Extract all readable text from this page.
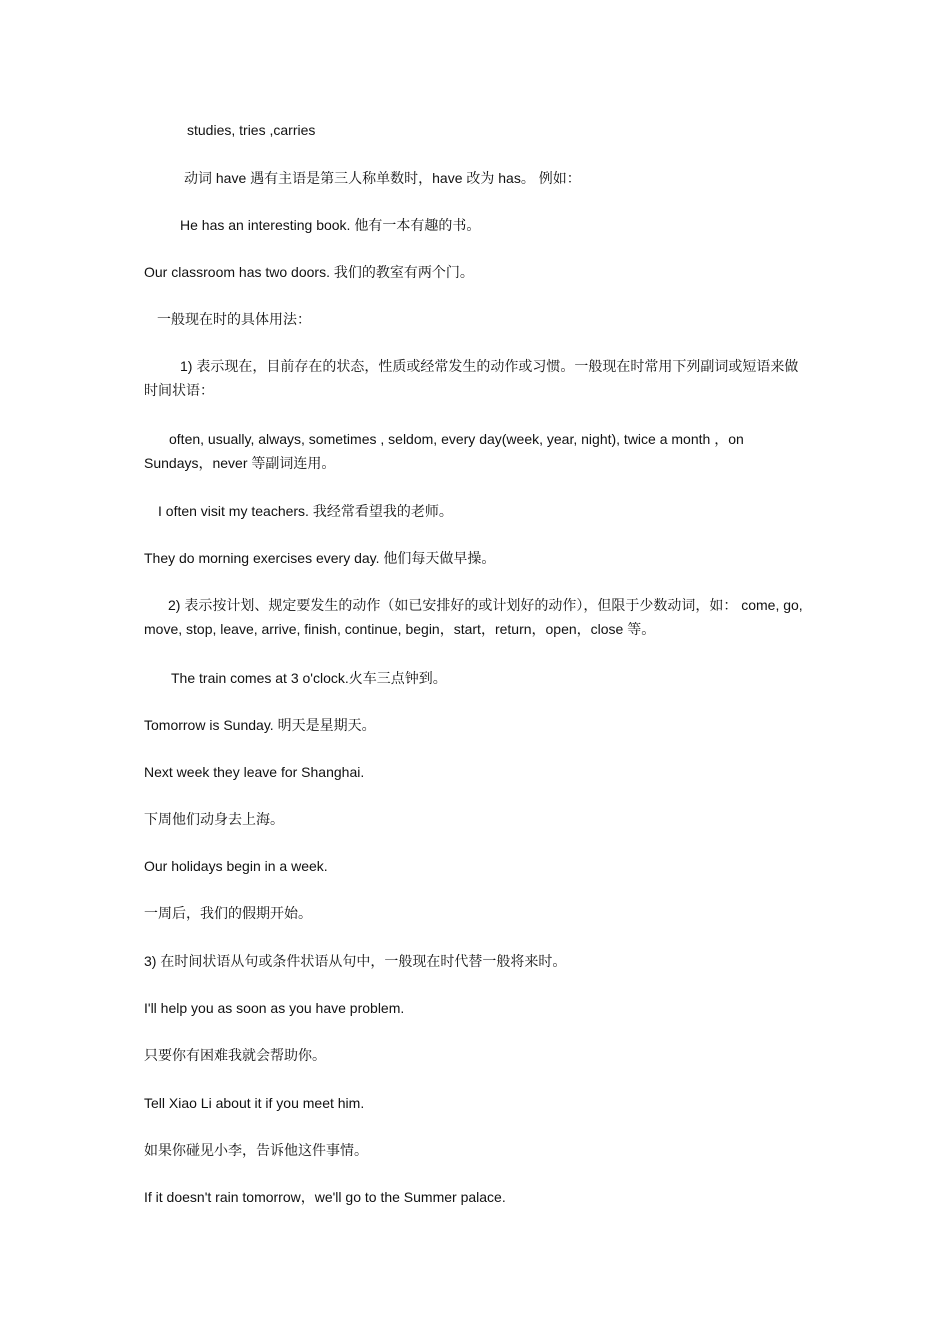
studies, tries ,carries

动词 have 遇有主语是第三人称单数时，have 改为 has。 例如：

He has an interesting book. 他有一本有趣的书。

Our classroom has two doors. 我们的教室有两个门。

一般现在时的具体用法：

1) 表示现在，目前存在的状态，性质或经常发生的动作或习惯。一般现在时常用下列副词或短语来做时间状语：

often, usually, always, sometimes , seldom, every day(week, year, night), twice a month ，on Sundays，never 等副词连用。

I often visit my teachers. 我经常看望我的老师。

They do morning exercises every day. 他们每天做早操。

2) 表示按计划、规定要发生的动作（如已安排好的或计划好的动作），但限于少数动词，如： come, go, move, stop, leave, arrive, finish, continue, begin，start，return，open，close 等。

The train comes at 3 o'clock.火车三点钟到。

Tomorrow is Sunday. 明天是星期天。

Next week they leave for Shanghai.

下周他们动身去上海。

Our holidays begin in a week.

一周后，我们的假期开始。

3) 在时间状语从句或条件状语从句中，一般现在时代替一般将来时。

I'll help you as soon as you have problem.

只要你有困难我就会帮助你。

Tell Xiao Li about it if you meet him.

如果你碰见小李，告诉他这件事情。

If it doesn't rain tomorrow，we'll go to the Summer palace.
